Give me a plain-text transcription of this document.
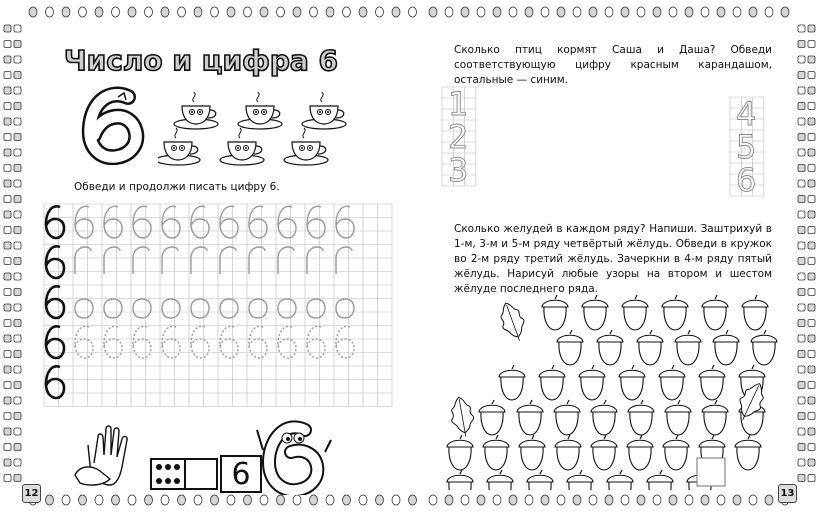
Число и цифра 6
Обведи и продолжи писать цифру 6.
6
12
Сколько птиц кормят Саша и Даша? Обведи соответствующую цифру красным карандашом, остальные — синим.
1
2
3
4
5
6
Сколько желудей в каждом ряду? Напиши. Заштрихуй в 1-м, 3-м и 5-м ряду четвёртый жёлудь. Обведи в кружок во 2-м ряду третий жёлудь. Зачеркни в 4-м ряду пятый жёлудь. Нарисуй любые узоры на втором и шестом жёлуде последнего ряда.
13
